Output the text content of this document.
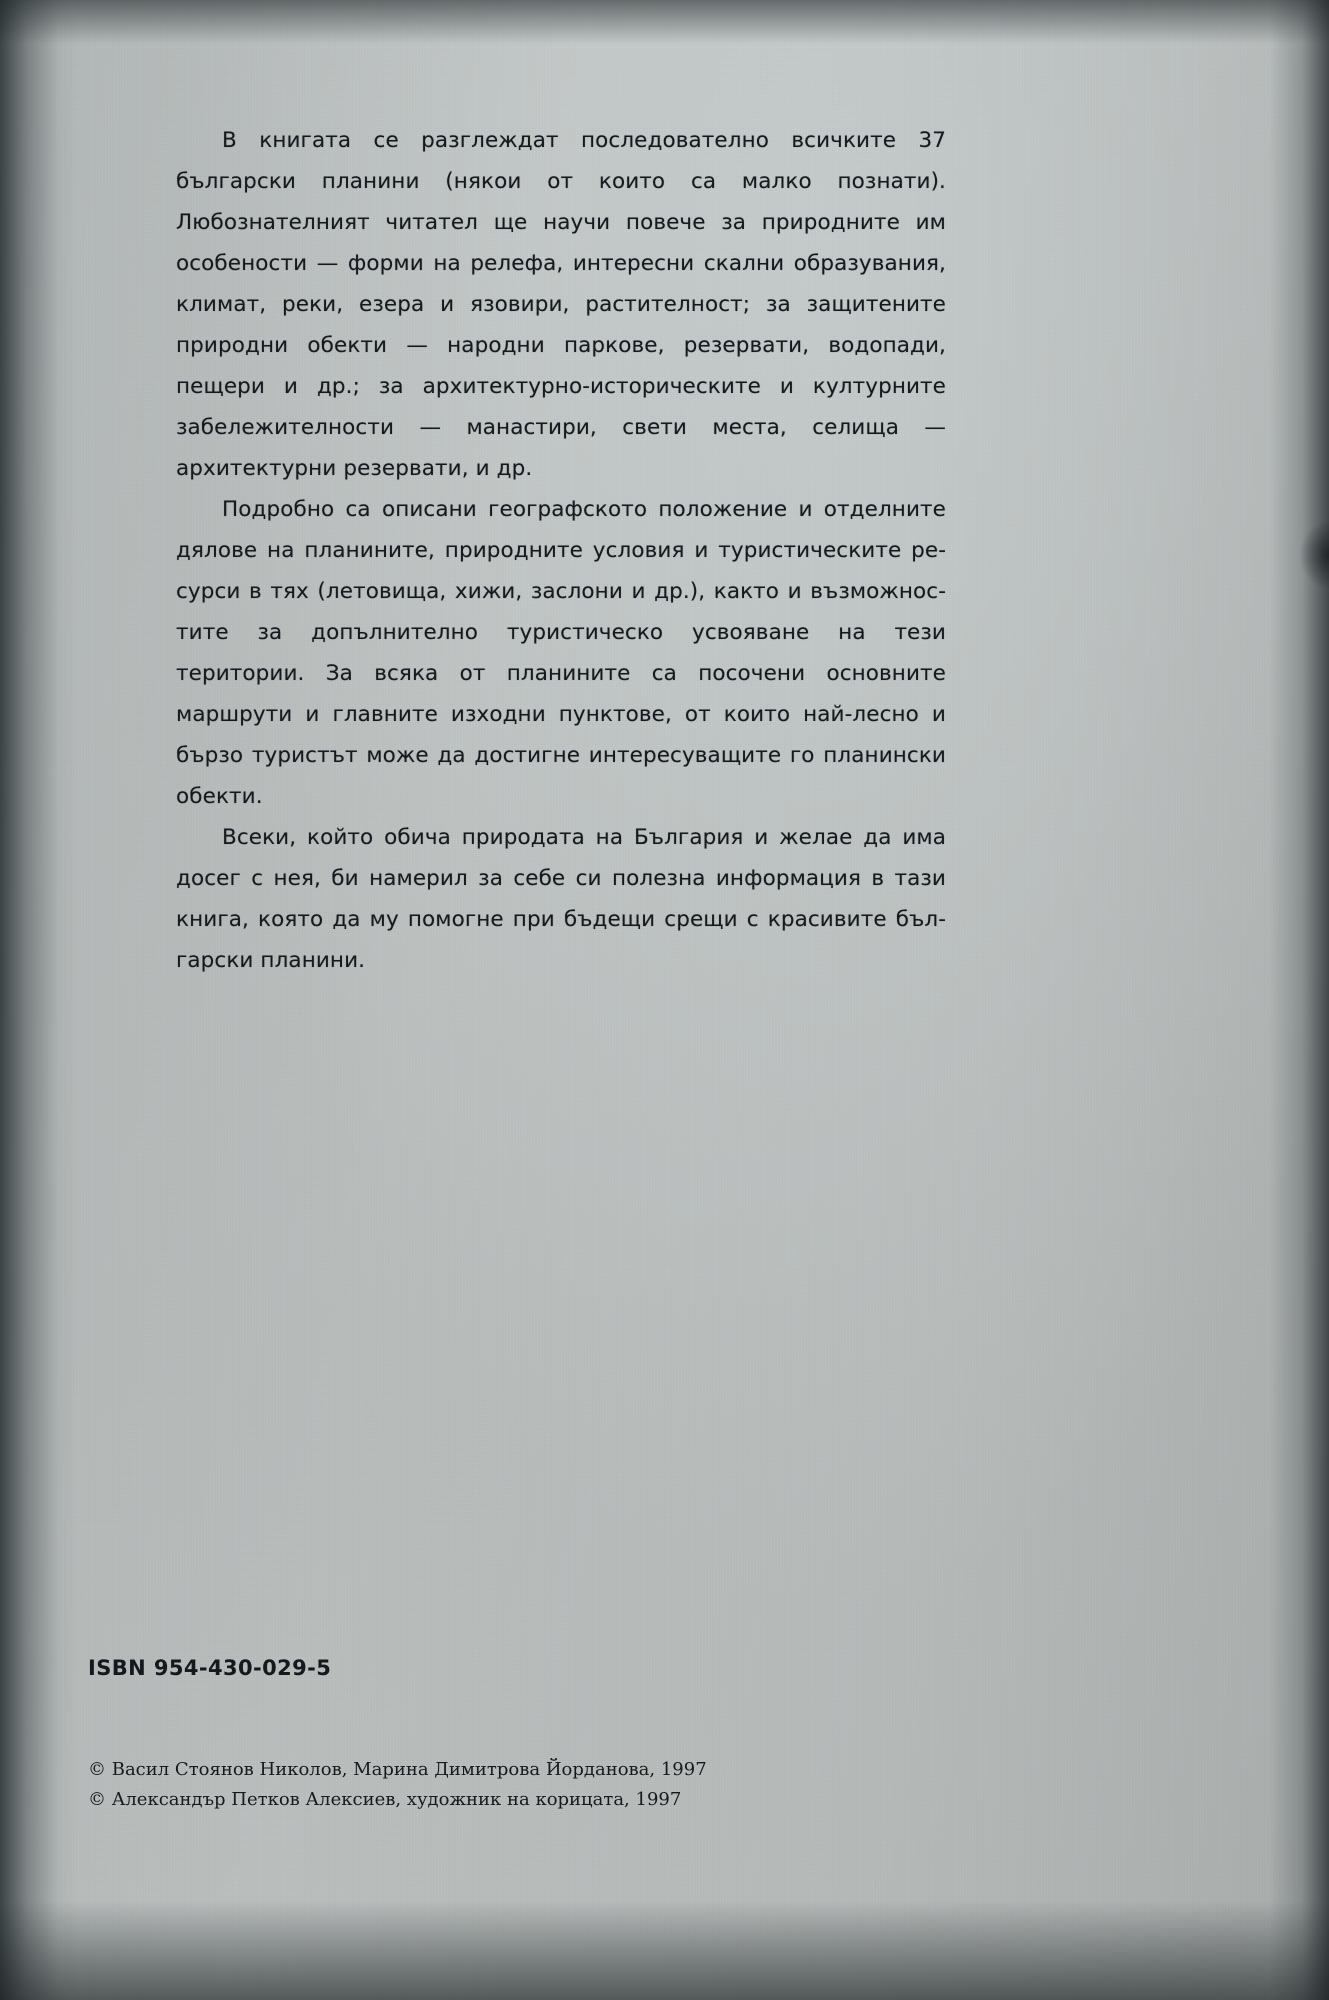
В книгата се разглеждат последователно всичките 37 български планини (някои от които са малко познати). Любознателният читател ще научи повече за природните им особености — форми на релефа, интересни скални образувания, климат, реки, езера и язовири, растителност; за защитените природни обекти — народни паркове, резервати, водопади, пещери и др.; за архитектурно-историческите и културните забележителности — манастири, свети места, селища — архитектурни резервати, и др.

Подробно са описани географското положение и отделните дялове на планините, природните условия и туристическите ресурси в тях (летовища, хижи, заслони и др.), както и възможностите за допълнително туристическо усвояване на тези територии. За всяка от планините са посочени основните маршрути и главните изходни пунктове, от които най-лесно и бързо туристът може да достигне интересуващите го планински обекти.

Всеки, който обича природата на България и желае да има досег с нея, би намерил за себе си полезна информация в тази книга, която да му помогне при бъдещи срещи с красивите български планини.

ISBN 954-430-029-5
© Васил Стоянов Николов, Марина Димитрова Йорданова, 1997
© Александър Петков Алексиев, художник на корицата, 1997
